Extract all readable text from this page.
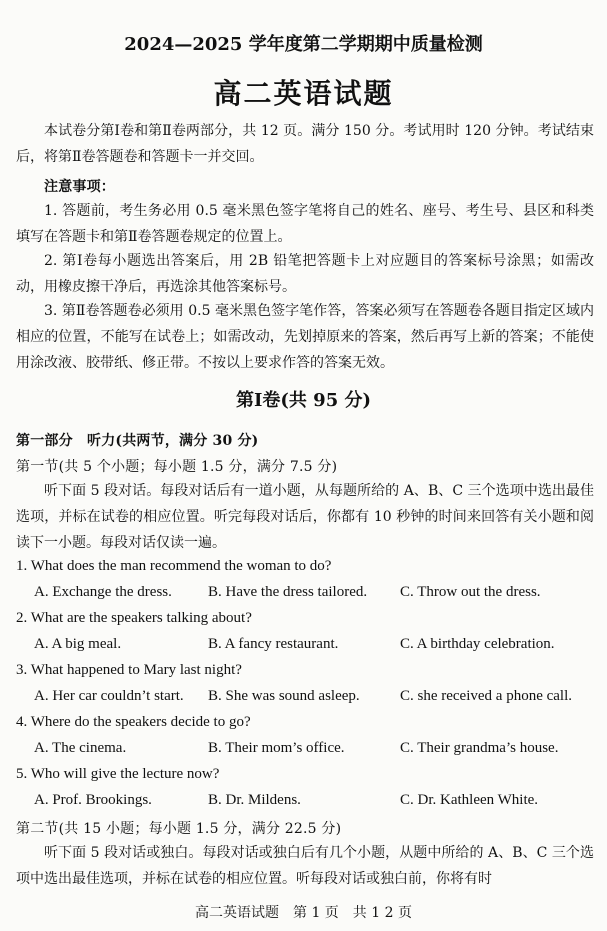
2024—2025 学年度第二学期期中质量检测
高二英语试题
本试卷分第Ⅰ卷和第Ⅱ卷两部分，共 12 页。满分 150 分。考试用时 120 分钟。考试结束后，将第Ⅱ卷答题卷和答题卡一并交回。
注意事项：
1. 答题前，考生务必用 0.5 毫米黑色签字笔将自己的姓名、座号、考生号、县区和科类填写在答题卡和第Ⅱ卷答题卷规定的位置上。
2. 第Ⅰ卷每小题选出答案后，用 2B 铅笔把答题卡上对应题目的答案标号涂黑；如需改动，用橡皮擦干净后，再选涂其他答案标号。
3. 第Ⅱ卷答题卷必须用 0.5 毫米黑色签字笔作答，答案必须写在答题卷各题目指定区域内相应的位置，不能写在试卷上；如需改动，先划掉原来的答案，然后再写上新的答案；不能使用涂改液、胶带纸、修正带。不按以上要求作答的答案无效。
第Ⅰ卷(共 95 分)
第一部分　听力(共两节，满分 30 分)
第一节(共 5 个小题；每小题 1.5 分，满分 7.5 分)
听下面 5 段对话。每段对话后有一道小题，从每题所给的 A、B、C 三个选项中选出最佳选项，并标在试卷的相应位置。听完每段对话后，你都有 10 秒钟的时间来回答有关小题和阅读下一小题。每段对话仅读一遍。
1. What does the man recommend the woman to do?
A. Exchange the dress. B. Have the dress tailored. C. Throw out the dress.
2. What are the speakers talking about?
A. A big meal.	B. A fancy restaurant.	C. A birthday celebration.
3. What happened to Mary last night?
A. Her car couldn’t start. B. She was sound asleep.	C. she received a phone call.
4. Where do the speakers decide to go?
A. The cinema.	B. Their mom’s office.	C. Their grandma’s house.
5. Who will give the lecture now?
A. Prof. Brookings.	B. Dr. Mildens.	C. Dr. Kathleen White.
第二节(共 15 小题；每小题 1.5 分，满分 22.5 分)
听下面 5 段对话或独白。每段对话或独白后有几个小题，从题中所给的 A、B、C 三个选项中选出最佳选项，并标在试卷的相应位置。听每段对话或独白前，你将有时
高二英语试题　第 1 页　共 1 2 页
